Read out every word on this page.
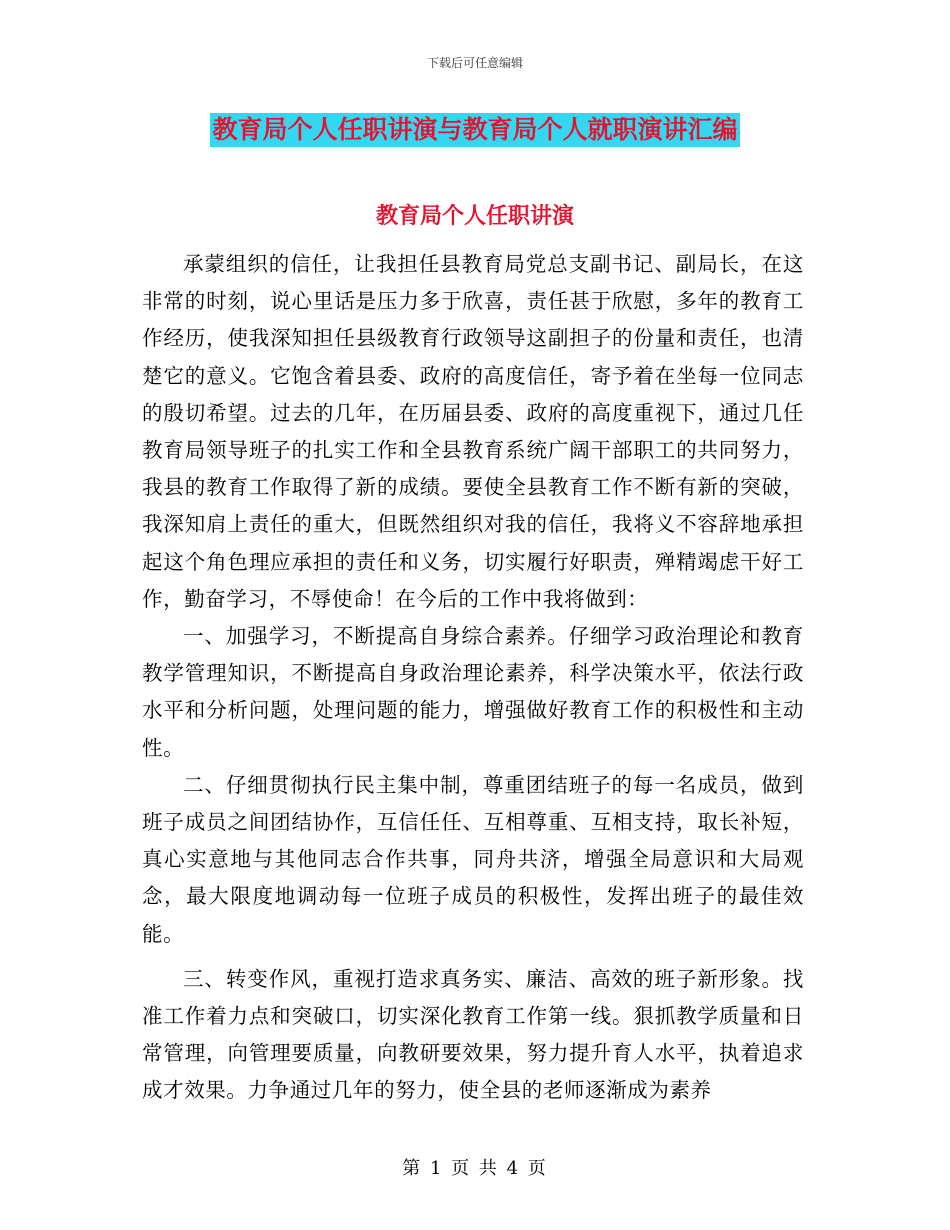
下载后可任意编辑
教育局个人任职讲演与教育局个人就职演讲汇编
教育局个人任职讲演

承蒙组织的信任，让我担任县教育局党总支副书记、副局长，在这非常的时刻，说心里话是压力多于欣喜，责任甚于欣慰，多年的教育工作经历，使我深知担任县级教育行政领导这副担子的份量和责任，也清楚它的意义。它饱含着县委、政府的高度信任，寄予着在坐每一位同志的殷切希望。过去的几年，在历届县委、政府的高度重视下，通过几任教育局领导班子的扎实工作和全县教育系统广阔干部职工的共同努力，我县的教育工作取得了新的成绩。要使全县教育工作不断有新的突破，我深知肩上责任的重大，但既然组织对我的信任，我将义不容辞地承担起这个角色理应承担的责任和义务，切实履行好职责，殚精竭虑干好工作，勤奋学习，不辱使命！在今后的工作中我将做到：

一、加强学习，不断提高自身综合素养。仔细学习政治理论和教育教学管理知识，不断提高自身政治理论素养，科学决策水平，依法行政水平和分析问题，处理问题的能力，增强做好教育工作的积极性和主动性。

二、仔细贯彻执行民主集中制，尊重团结班子的每一名成员，做到班子成员之间团结协作，互信任任、互相尊重、互相支持，取长补短，真心实意地与其他同志合作共事，同舟共济，增强全局意识和大局观念，最大限度地调动每一位班子成员的积极性，发挥出班子的最佳效能。

三、转变作风，重视打造求真务实、廉洁、高效的班子新形象。找准工作着力点和突破口，切实深化教育工作第一线。狠抓教学质量和日常管理，向管理要质量，向教研要效果，努力提升育人水平，执着追求成才效果。力争通过几年的努力，使全县的老师逐渐成为素养

第 1 页 共 4 页
